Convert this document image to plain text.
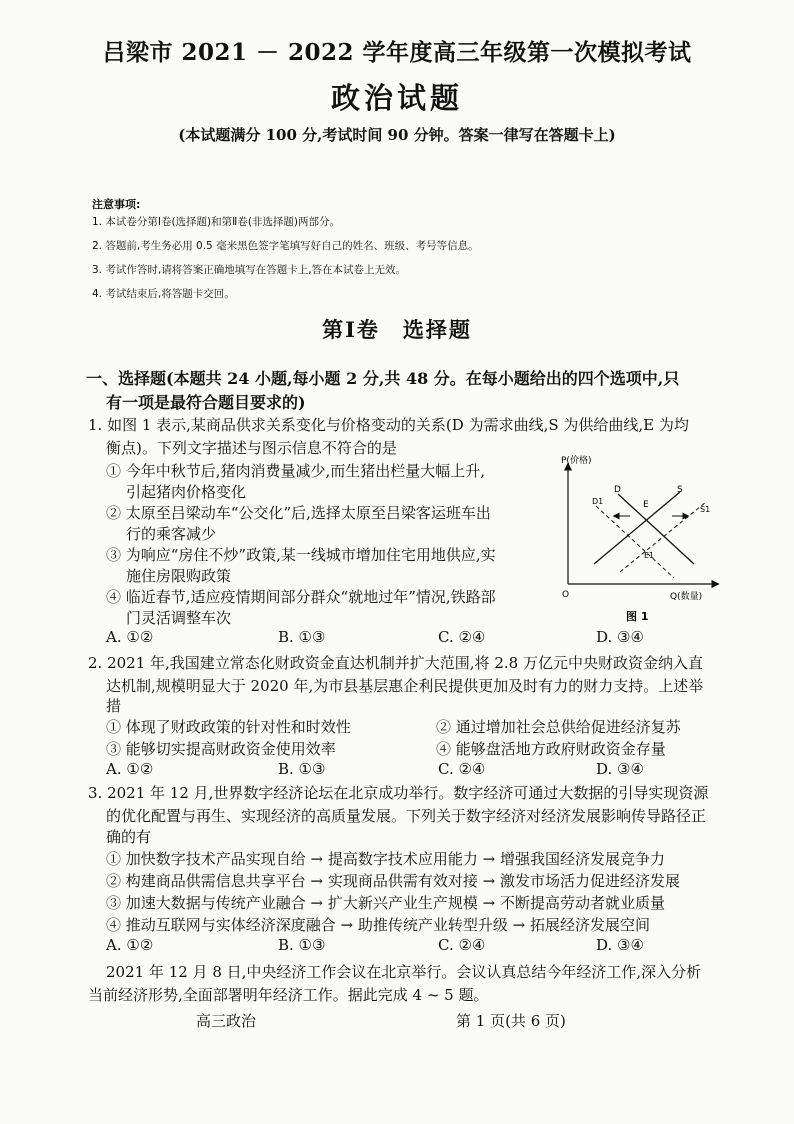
吕梁市 2021 － 2022 学年度高三年级第一次模拟考试
政治试题
(本试题满分 100 分,考试时间 90 分钟。答案一律写在答题卡上)
注意事项:
1. 本试卷分第Ⅰ卷(选择题)和第Ⅱ卷(非选择题)两部分。
2. 答题前,考生务必用 0.5 毫米黑色签字笔填写好自己的姓名、班级、考号等信息。
3. 考试作答时,请将答案正确地填写在答题卡上,答在本试卷上无效。
4. 考试结束后,将答题卡交回。
第Ⅰ卷　选择题
一、选择题(本题共 24 小题,每小题 2 分,共 48 分。在每小题给出的四个选项中,只
有一项是最符合题目要求的)
1. 如图 1 表示,某商品供求关系变化与价格变动的关系(D 为需求曲线,S 为供给曲线,E 为均
衡点)。下列文字描述与图示信息不符合的是
① 今年中秋节后,猪肉消费量减少,而生猪出栏量大幅上升,
引起猪肉价格变化
② 太原至吕梁动车“公交化”后,选择太原至吕梁客运班车出
行的乘客减少
③ 为响应“房住不炒”政策,某一线城市增加住宅用地供应,实
施住房限购政策
④ 临近春节,适应疫情期间部分群众“就地过年”情况,铁路部
门灵活调整车次
A. ①②	B. ①③	C. ②④	D. ③④
P(价格)
O	Q(数量)
D
E
S
D1
S1
E1
图 1
2. 2021 年,我国建立常态化财政资金直达机制并扩大范围,将 2.8 万亿元中央财政资金纳入直
达机制,规模明显大于 2020 年,为市县基层惠企利民提供更加及时有力的财力支持。上述举
措
① 体现了财政政策的针对性和时效性	② 通过增加社会总供给促进经济复苏
③ 能够切实提高财政资金使用效率	④ 能够盘活地方政府财政资金存量
A. ①②	B. ①③	C. ②④	D. ③④
3. 2021 年 12 月,世界数字经济论坛在北京成功举行。数字经济可通过大数据的引导实现资源
的优化配置与再生、实现经济的高质量发展。下列关于数字经济对经济发展影响传导路径正
确的有
① 加快数字技术产品实现自给 → 提高数字技术应用能力 → 增强我国经济发展竞争力
② 构建商品供需信息共享平台 → 实现商品供需有效对接 → 激发市场活力促进经济发展
③ 加速大数据与传统产业融合 → 扩大新兴产业生产规模 → 不断提高劳动者就业质量
④ 推动互联网与实体经济深度融合 → 助推传统产业转型升级 → 拓展经济发展空间
A. ①②	B. ①③	C. ②④	D. ③④
2021 年 12 月 8 日,中央经济工作会议在北京举行。会议认真总结今年经济工作,深入分析
当前经济形势,全面部署明年经济工作。据此完成 4 ~ 5 题。
高三政治	第 1 页(共 6 页)
